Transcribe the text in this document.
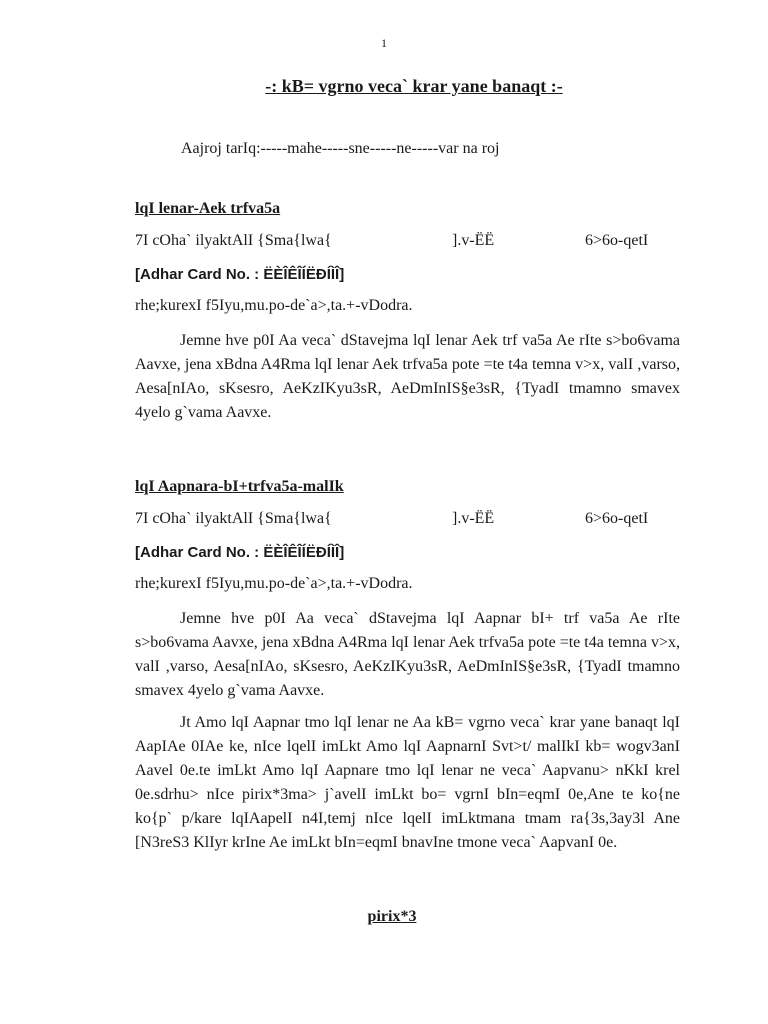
1
-: kB= vgrno veca` krar yane banaqt :-
Aajroj tarIq:-----mahe-----sne-----ne-----var na roj
lqI lenar-Aek trfva5a
7I cOha` ilyaktAlI {Sma{lwa{	].v-ËË	6>6o-qetI
[Adhar Card No. : ËÈÎÊÎÍËÐÍÌÎ]
rhe;kurexI f5Iyu,mu.po-de`a>,ta.+-vDodra.

Jemne hve p0I Aa veca` dStavejma lqI lenar Aek trf va5a Ae rIte s>bo6vama Aavxe, jena xBdna A4Rma lqI lenar Aek trfva5a pote =te t4a temna v>x, valI ,varso, Aesa[nIAo, sKsesro, AeKzIKyu3sR, AeDmInIS§e3sR, {TyadI tmamno smavex 4yelo g`vama Aavxe.

lqI Aapnara-bI+trfva5a-malIk
7I cOha` ilyaktAlI {Sma{lwa{	].v-ËË	6>6o-qetI
[Adhar Card No. : ËÈÎÊÎÍËÐÍÌÎ]
rhe;kurexI f5Iyu,mu.po-de`a>,ta.+-vDodra.

Jemne hve p0I Aa veca` dStavejma lqI Aapnar bI+ trf va5a Ae rIte s>bo6vama Aavxe, jena xBdna A4Rma lqI lenar Aek trfva5a pote =te t4a temna v>x, valI ,varso, Aesa[nIAo, sKsesro, AeKzIKyu3sR, AeDmInIS§e3sR, {TyadI tmamno smavex 4yelo g`vama Aavxe.

Jt Amo lqI Aapnar tmo lqI lenar ne Aa kB= vgrno veca` krar yane banaqt lqI AapIAe 0IAe ke, nIce lqelI imLkt Amo lqI AapnarnI Svt>t/ malIkI kb= wogv3anI Aavel 0e.te imLkt Amo lqI Aapnare tmo lqI lenar ne veca` Aapvanu> nKkI krel 0e.sdrhu> nIce pirix*3ma> j`avelI imLkt bo= vgrnI bIn=eqmI 0e,Ane te ko{ne ko{p` p/kare lqIAapelI n4I,temj nIce lqelI imLktmana tmam ra{3s,3ay3l Ane [N3reS3 KlIyr krIne Ae imLkt bIn=eqmI bnavIne tmone veca` AapvanI 0e.

pirix*3
